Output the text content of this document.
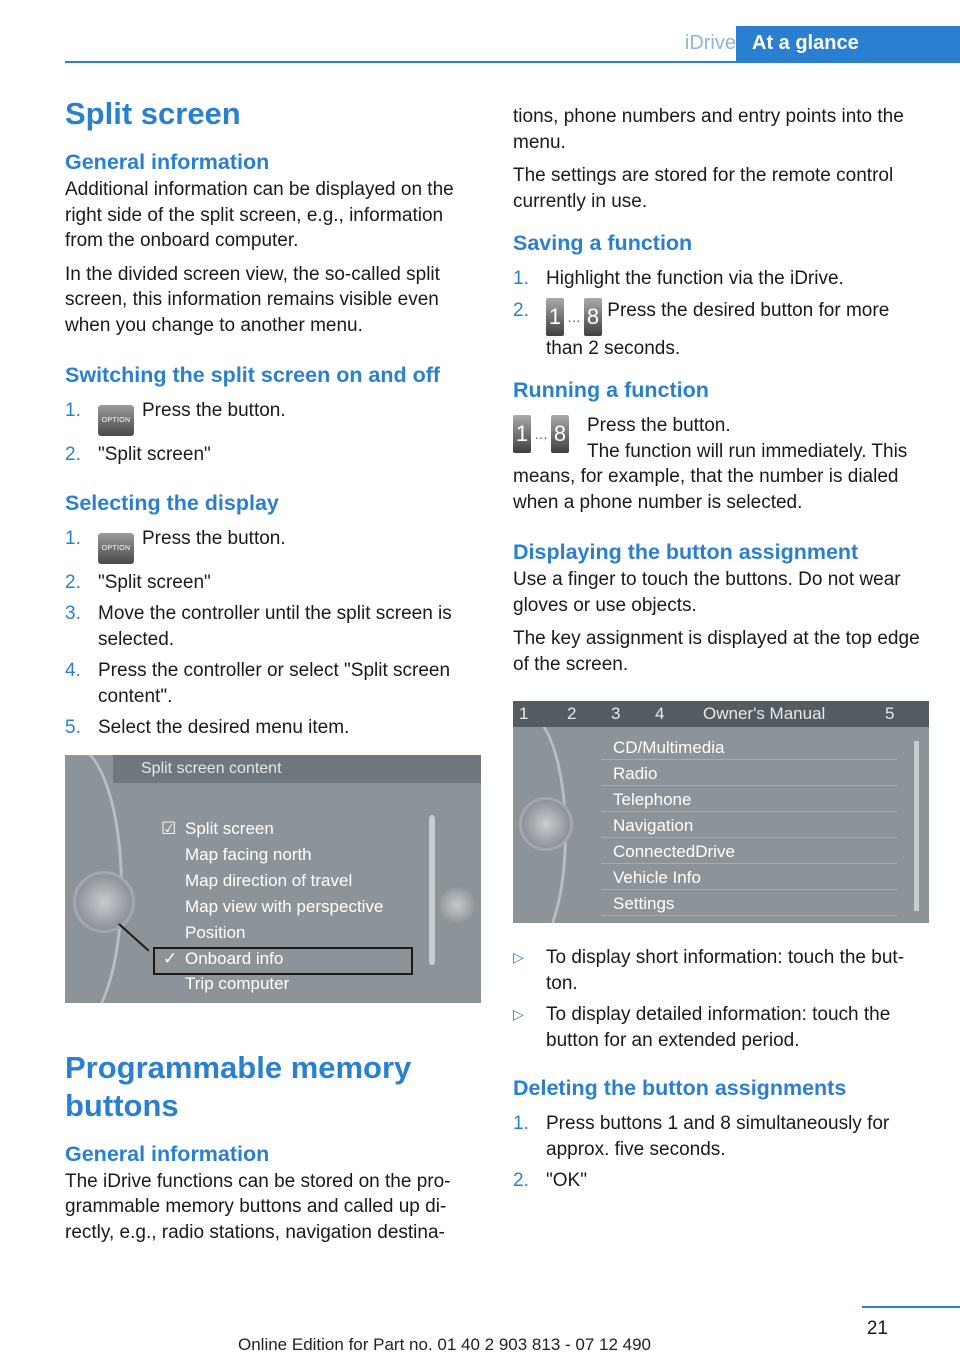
iDrive At a glance
Split screen
General information

Additional information can be displayed on the right side of the split screen, e.g., information from the onboard computer.

In the divided screen view, the so-called split screen, this information remains visible even when you change to another menu.

Switching the split screen on and off
1.	OPTION Press the button.
2. "Split screen"
Selecting the display
1.	OPTION Press the button.
2. "Split screen"
3. Move the controller until the split screen is selected.
4. Press the controller or select "Split screen content".
5. Select the desired menu item.
Split screen content
Split screen
Map facing north
Map direction of travel
Map view with perspective
Position
Onboard info
Trip computer
☑
✓
Programmable memory buttons
General information

The iDrive functions can be stored on the pro‐ grammable memory buttons and called up di‐ rectly, e.g., radio stations, navigation destina‐

tions, phone numbers and entry points into the menu.

The settings are stored for the remote control currently in use.

Saving a function
1. Highlight the function via the iDrive.
2. 1 … 8 Press the desired button for more than 2 seconds.
Running a function
1 … 8	Press the button.

The function will run immediately. This means, for example, that the number is dialed when a phone number is selected.

Displaying the button assignment

Use a finger to touch the buttons. Do not wear gloves or use objects.

The key assignment is displayed at the top edge of the screen.

1 2 3 4 Owner's Manual	5
CD/Multimedia
Radio
Telephone
Navigation
ConnectedDrive
Vehicle Info
Settings
▷ To display short information: touch the but‐ ton.
▷ To display detailed information: touch the button for an extended period.
Deleting the button assignments
1. Press buttons 1 and 8 simultaneously for approx. five seconds.
2. "OK"
21
Online Edition for Part no. 01 40 2 903 813 - 07 12 490
